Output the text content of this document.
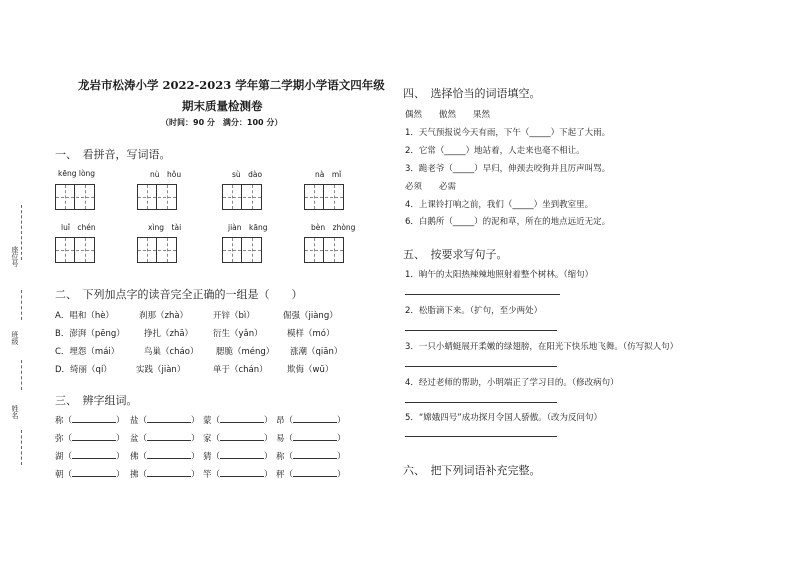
座位号
班级
姓名
龙岩市松涛小学 2022-2023 学年第二学期小学语文四年级
期末质量检测卷
（时间：90 分　满分：100 分）
一、　看拼音，写词语。
kēng lòng	nù　hǒu	sù　dào	nà　mǐ
luǐ　chén	xìng　tài	jiàn　kāng	bèn　zhòng
二、　下列加点字的读音完全正确的一组是（　　）
A．唱和（hè）	刹那（zhà）	开锌（bì）	倔强（jiàng）
B．澎湃（pēng） 挣扎（zhā） 衍生（yǎn）	模样（mó）
C．埋怨（mái）	鸟巢（cháo） 腮脆（méng） 涨潮（qiān）
D．绮丽（qí）	实践（jiàn）	单于（chán） 欺侮（wū）
三、　辨字组词。
称（	） 盐（	） 蒙（	） 昂（	）
弥（	） 盆（	） 家（	） 易（	）
湖（	） 佛（	） 猜（	） 称（	）
朝（	） 拂（	） 竿（	） 秤（	）
四、　选择恰当的词语填空。
偶然　　傲然　　果然
1．天气预报说今天有雨，下午（_____）下起了大雨。
2．它常（_____）地站着，人走来也毫不相让。
3．跪老爷（_____）早归，伸颈去咬狗并且厉声叫骂。
必须　　必需
4．上课铃打响之前，我们（_____）坐到教室里。
6．白鹅所（_____）的泥和草，所在的地点远近无定。
五、　按要求写句子。
1．晌午的太阳热辣辣地照射着整个树林。（缩句）
2．松脂滴下来。（扩句，至少两处）
3．一只小蜻蜓展开柔嫩的绿翅膀，在阳光下快乐地飞舞。（仿写拟人句）
4．经过老师的帮助，小明端正了学习目的。（修改病句）
5．“嫦娥四号”成功探月令国人骄傲。（改为反问句）
六、　把下列词语补充完整。
